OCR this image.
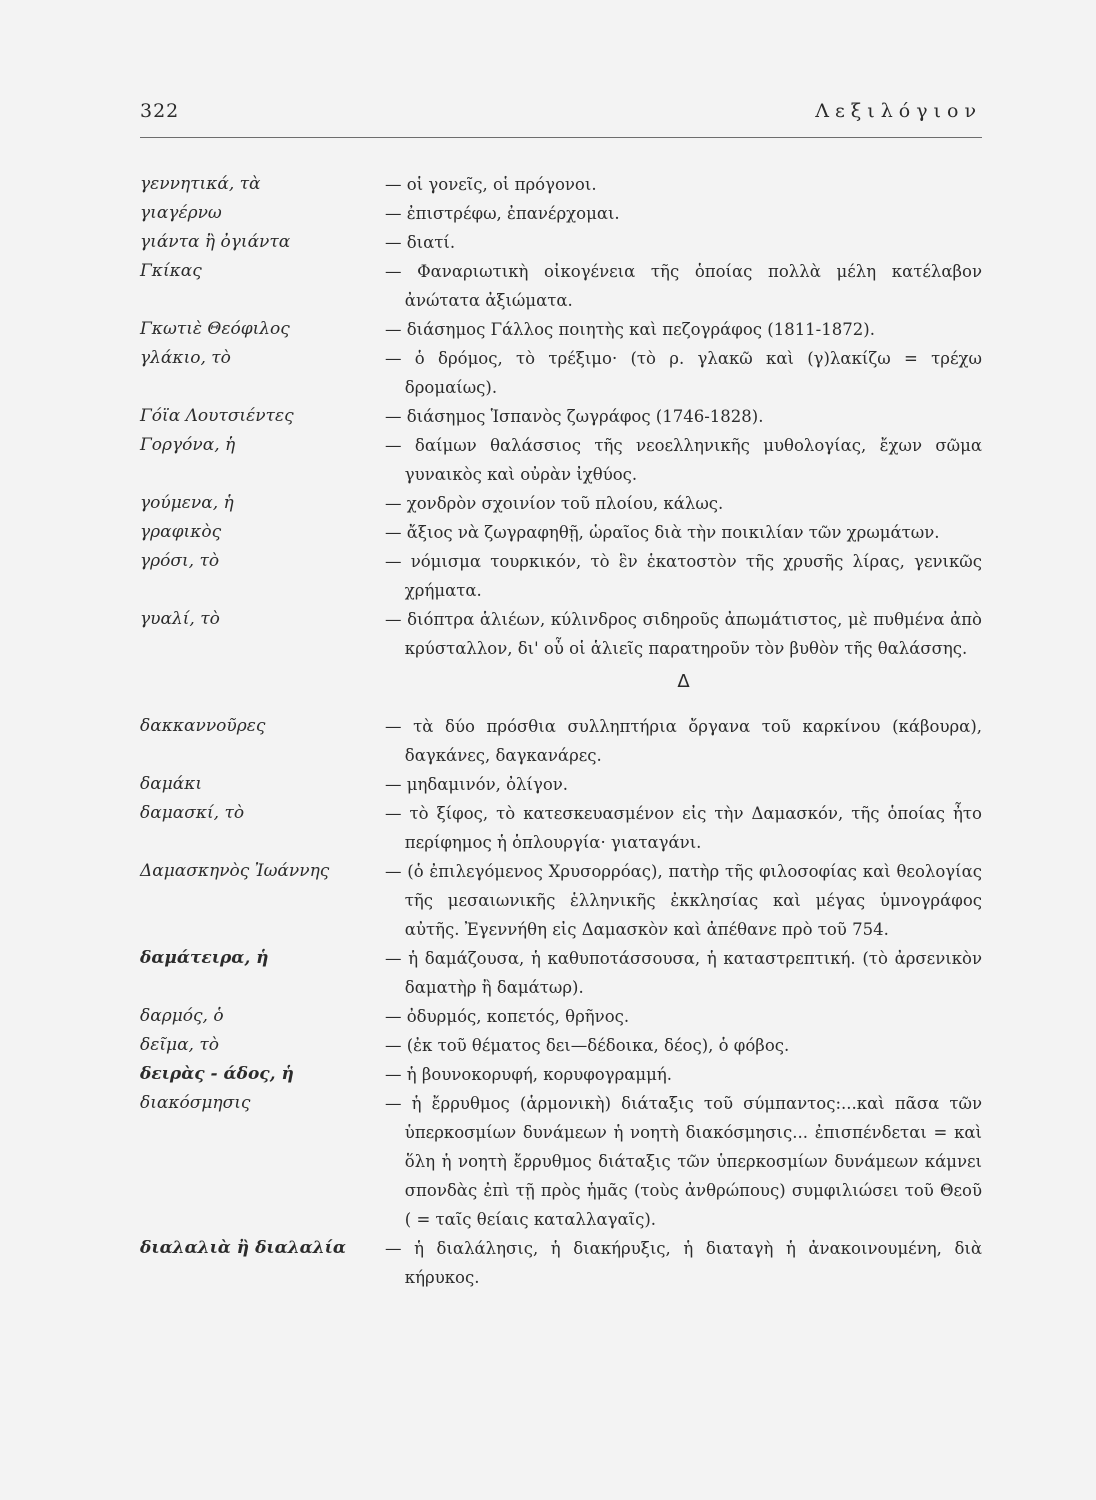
322	Λεξιλόγιον
γεννητικά, τὰ	— οἱ γονεῖς, οἱ πρόγονοι.
γιαγέρνω	— ἐπιστρέφω, ἐπανέρχομαι.
γιάντα ἢ ὀγιάντα	— διατί.
Γκίκας	— Φαναριωτικὴ οἰκογένεια τῆς ὁποίας πολλὰ μέλη κατέλαβον ἀνώτατα ἀξιώματα.
Γκωτιὲ Θεόφιλος	— διάσημος Γάλλος ποιητὴς καὶ πεζογράφος (1811-1872).
γλάκιο, τὸ	— ὁ δρόμος, τὸ τρέξιμο· (τὸ ρ. γλακῶ καὶ (γ)λακίζω = τρέχω δρομαίως).
Γόϊα Λουτσιέντες	— διάσημος Ἱσπανὸς ζωγράφος (1746-1828).
Γοργόνα, ἡ	— δαίμων θαλάσσιος τῆς νεοελληνικῆς μυθολογίας, ἔχων σῶμα γυναικὸς καὶ οὐρὰν ἰχθύος.
γούμενα, ἡ	— χονδρὸν σχοινίον τοῦ πλοίου, κάλως.
γραφικὸς	— ἄξιος νὰ ζωγραφηθῇ, ὡραῖος διὰ τὴν ποικιλίαν τῶν χρωμάτων.
γρόσι, τὸ	— νόμισμα τουρκικόν, τὸ ἓν ἑκατοστὸν τῆς χρυσῆς λίρας, γενικῶς χρήματα.
γυαλί, τὸ	— διόπτρα ἁλιέων, κύλινδρος σιδηροῦς ἀπωμάτιστος, μὲ πυθμένα ἀπὸ κρύσταλλον, δι' οὗ οἱ ἁλιεῖς παρατηροῦν τὸν βυθὸν τῆς θαλάσσης.
Δ
δακκαννοῦρες	— τὰ δύο πρόσθια συλληπτήρια ὄργανα τοῦ καρκίνου (κάβουρα), δαγκάνες, δαγκανάρες.
δαμάκι	— μηδαμινόν, ὀλίγον.
δαμασκί, τὸ	— τὸ ξίφος, τὸ κατεσκευασμένον εἰς τὴν Δαμασκόν, τῆς ὁποίας ἦτο περίφημος ἡ ὁπλουργία· γιαταγάνι.
Δαμασκηνὸς Ἰωάννης	— (ὁ ἐπιλεγόμενος Χρυσορρόας), πατὴρ τῆς φιλοσοφίας καὶ θεολογίας τῆς μεσαιωνικῆς ἑλληνικῆς ἐκκλησίας καὶ μέγας ὑμνογράφος αὐτῆς. Ἐγεννήθη εἰς Δαμασκὸν καὶ ἀπέθανε πρὸ τοῦ 754.
δαμάτειρα, ἡ	— ἡ δαμάζουσα, ἡ καθυποτάσσουσα, ἡ καταστρεπτική. (τὸ ἀρσενικὸν δαματὴρ ἢ δαμάτωρ).
δαρμός, ὁ	— ὀδυρμός, κοπετός, θρῆνος.
δεῖμα, τὸ	— (ἐκ τοῦ θέματος δει—δέδοικα, δέος), ὁ φόβος.
δειρὰς - άδος, ἡ	— ἡ βουνοκορυφή, κορυφογραμμή.
διακόσμησις	— ἡ ἔρρυθμος (ἁρμονικὴ) διάταξις τοῦ σύμπαντος:...καὶ πᾶσα τῶν ὑπερκοσμίων δυνάμεων ἡ νοητὴ διακόσμησις... ἐπισπένδεται = καὶ ὅλη ἡ νοητὴ ἔρρυθμος διάταξις τῶν ὑπερκοσμίων δυνάμεων κάμνει σπονδὰς ἐπὶ τῇ πρὸς ἡμᾶς (τοὺς ἀνθρώπους) συμφιλιώσει τοῦ Θεοῦ ( = ταῖς θείαις καταλλαγαῖς).
διαλαλιὰ ἢ διαλαλία	— ἡ διαλάλησις, ἡ διακήρυξις, ἡ διαταγὴ ἡ ἀνακοινουμένη, διὰ κήρυκος.
